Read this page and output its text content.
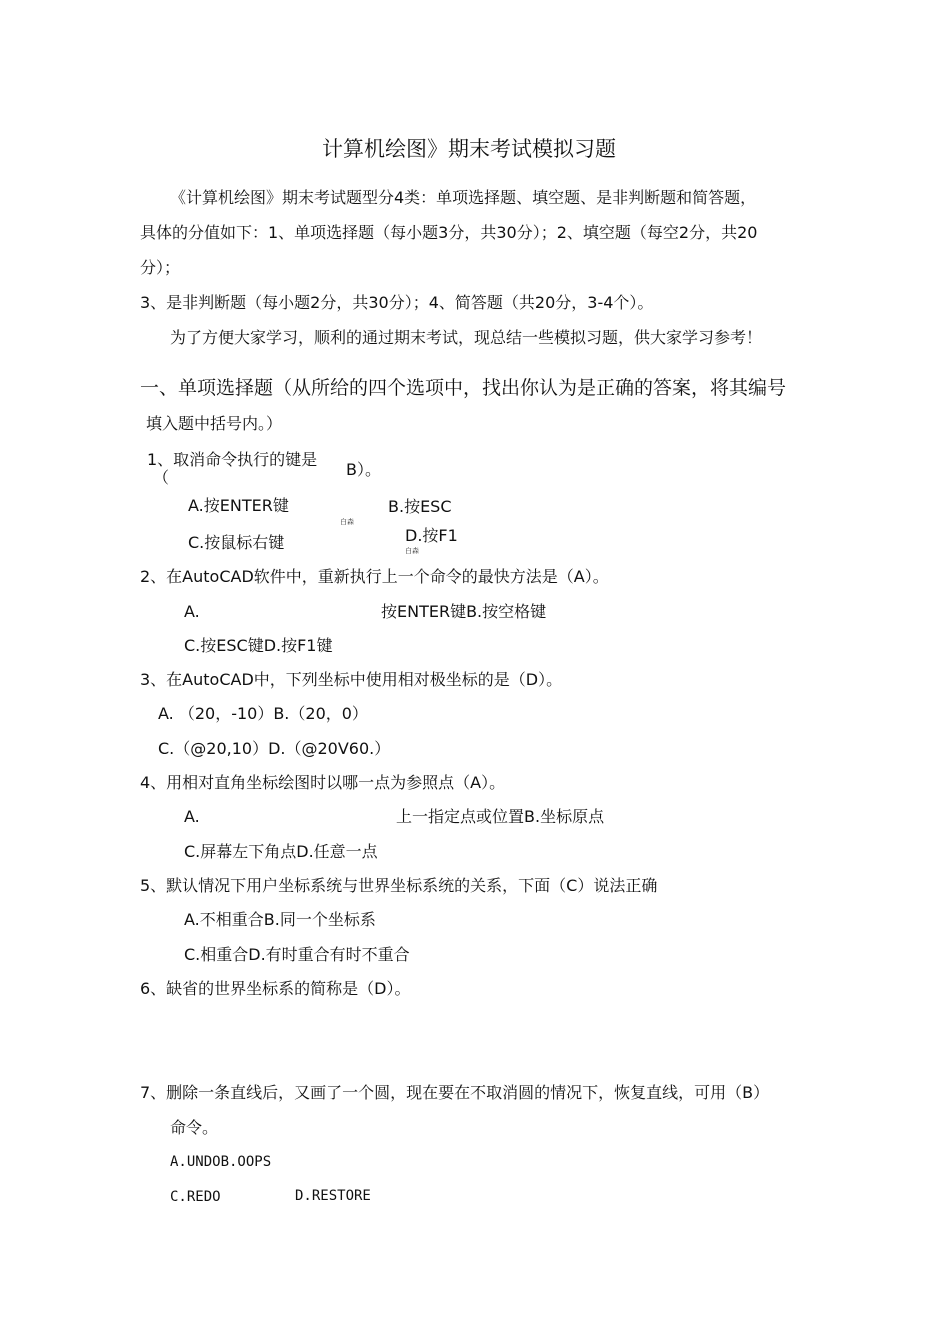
计算机绘图》期末考试模拟习题
《计算机绘图》期末考试题型分4类：单项选择题、填空题、是非判断题和简答题，
具体的分值如下：1、单项选择题（每小题3分，共30分）；2、填空题（每空2分，共20
分）；
3、是非判断题（每小题2分，共30分）；4、简答题（共20分，3-4个）。
为了方便大家学习，顺利的通过期末考试，现总结一些模拟习题，供大家学习参考！
一、单项选择题（从所给的四个选项中，找出你认为是正确的答案，将其编号
填入题中括号内。）
1、取消命令执行的键是
（	B）。
A.按ENTER键	B.按ESC
白森
C.按鼠标右键	D.按F1
白森
2、在AutoCAD软件中，重新执行上一个命令的最快方法是（A）。
A.	按ENTER键B.按空格键
C.按ESC键D.按F1键
3、在AutoCAD中，下列坐标中使用相对极坐标的是（D）。
A. （20，-10）B.（20，0）
C.（@20,10）D.（@20V60.）
4、用相对直角坐标绘图时以哪一点为参照点（A）。
A.	上一指定点或位置B.坐标原点
C.屏幕左下角点D.任意一点
5、默认情况下用户坐标系统与世界坐标系统的关系，下面（C）说法正确
A.不相重合B.同一个坐标系
C.相重合D.有时重合有时不重合
6、缺省的世界坐标系的简称是（D）。
7、删除一条直线后，又画了一个圆，现在要在不取消圆的情况下，恢复直线，可用（B）
命令。
A.UNDOB.OOPS
C.REDO	D.RESTORE
